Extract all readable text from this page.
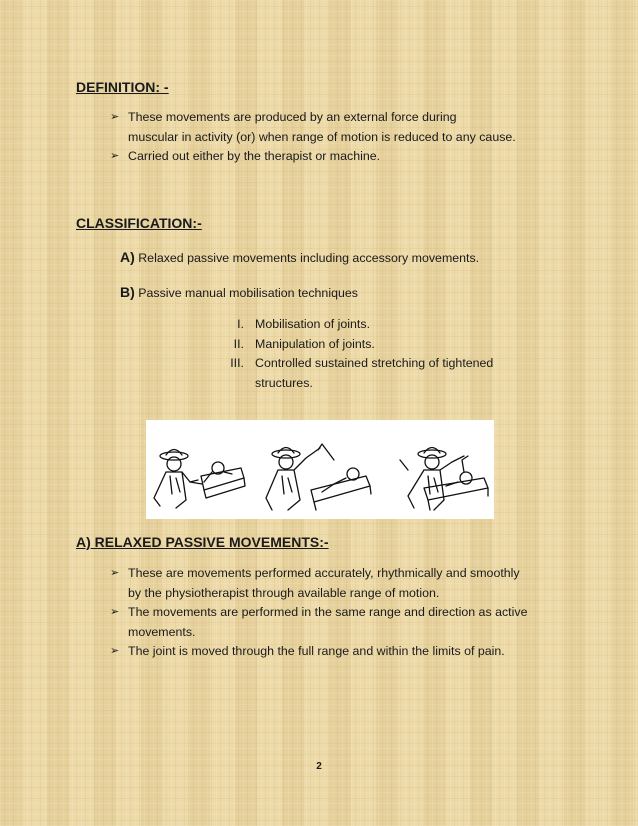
DEFINITION: -
➢ These movements are produced by an external force during
muscular in activity (or) when range of motion is reduced to any cause.
➢ Carried out either by the therapist or machine.
CLASSIFICATION:-
A) Relaxed passive movements including accessory movements.
B) Passive manual mobilisation techniques
I. Mobilisation of joints.
II. Manipulation of joints.
III. Controlled sustained stretching of tightened
structures.
A) RELAXED PASSIVE MOVEMENTS:-
➢ These are movements performed accurately, rhythmically and smoothly
by the physiotherapist through available range of motion.
➢ The movements are performed in the same range and direction as active
movements.
➢ The joint is moved through the full range and within the limits of pain.
2
